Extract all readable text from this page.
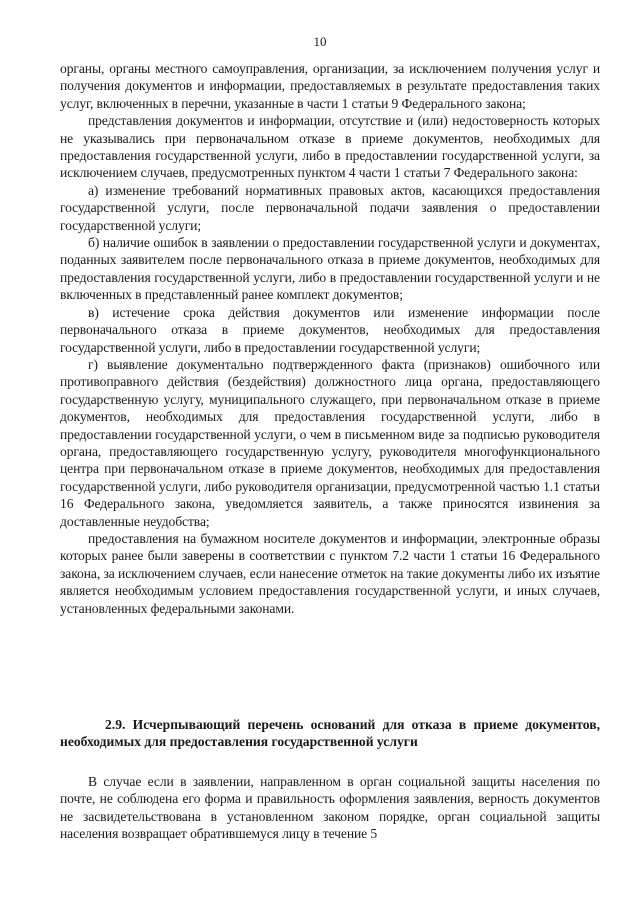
10

органы, органы местного самоуправления, организации, за исключением получения услуг и получения документов и информации, предоставляемых в результате предоставления таких услуг, включенных в перечни, указанные в части 1 статьи 9 Федерального закона;

представления документов и информации, отсутствие и (или) недостоверность которых не указывались при первоначальном отказе в приеме документов, необходимых для предоставления государственной услуги, либо в предоставлении государственной услуги, за исключением случаев, предусмотренных пунктом 4 части 1 статьи 7 Федерального закона:

а) изменение требований нормативных правовых актов, касающихся предоставления государственной услуги, после первоначальной подачи заявления о предоставлении государственной услуги;

б) наличие ошибок в заявлении о предоставлении государственной услуги и документах, поданных заявителем после первоначального отказа в приеме документов, необходимых для предоставления государственной услуги, либо в предоставлении государственной услуги и не включенных в представленный ранее комплект документов;

в) истечение срока действия документов или изменение информации после первоначального отказа в приеме документов, необходимых для предоставления государственной услуги, либо в предоставлении государственной услуги;

г) выявление документально подтвержденного факта (признаков) ошибочного или противоправного действия (бездействия) должностного лица органа, предоставляющего государственную услугу, муниципального служащего, при первоначальном отказе в приеме документов, необходимых для предоставления государственной услуги, либо в предоставлении государственной услуги, о чем в письменном виде за подписью руководителя органа, предоставляющего государственную услугу, руководителя многофункционального центра при первоначальном отказе в приеме документов, необходимых для предоставления государственной услуги, либо руководителя организации, предусмотренной частью 1.1 статьи 16 Федерального закона, уведомляется заявитель, а также приносятся извинения за доставленные неудобства;

предоставления на бумажном носителе документов и информации, электронные образы которых ранее были заверены в соответствии с пунктом 7.2 части 1 статьи 16 Федерального закона, за исключением случаев, если нанесение отметок на такие документы либо их изъятие является необходимым условием предоставления государственной услуги, и иных случаев, установленных федеральными законами.

2.9. Исчерпывающий перечень оснований для отказа в приеме документов, необходимых для предоставления государственной услуги

В случае если в заявлении, направленном в орган социальной защиты населения по почте, не соблюдена его форма и правильность оформления заявления, верность документов не засвидетельствована в установленном законом порядке, орган социальной защиты населения возвращает обратившемуся лицу в течение 5
